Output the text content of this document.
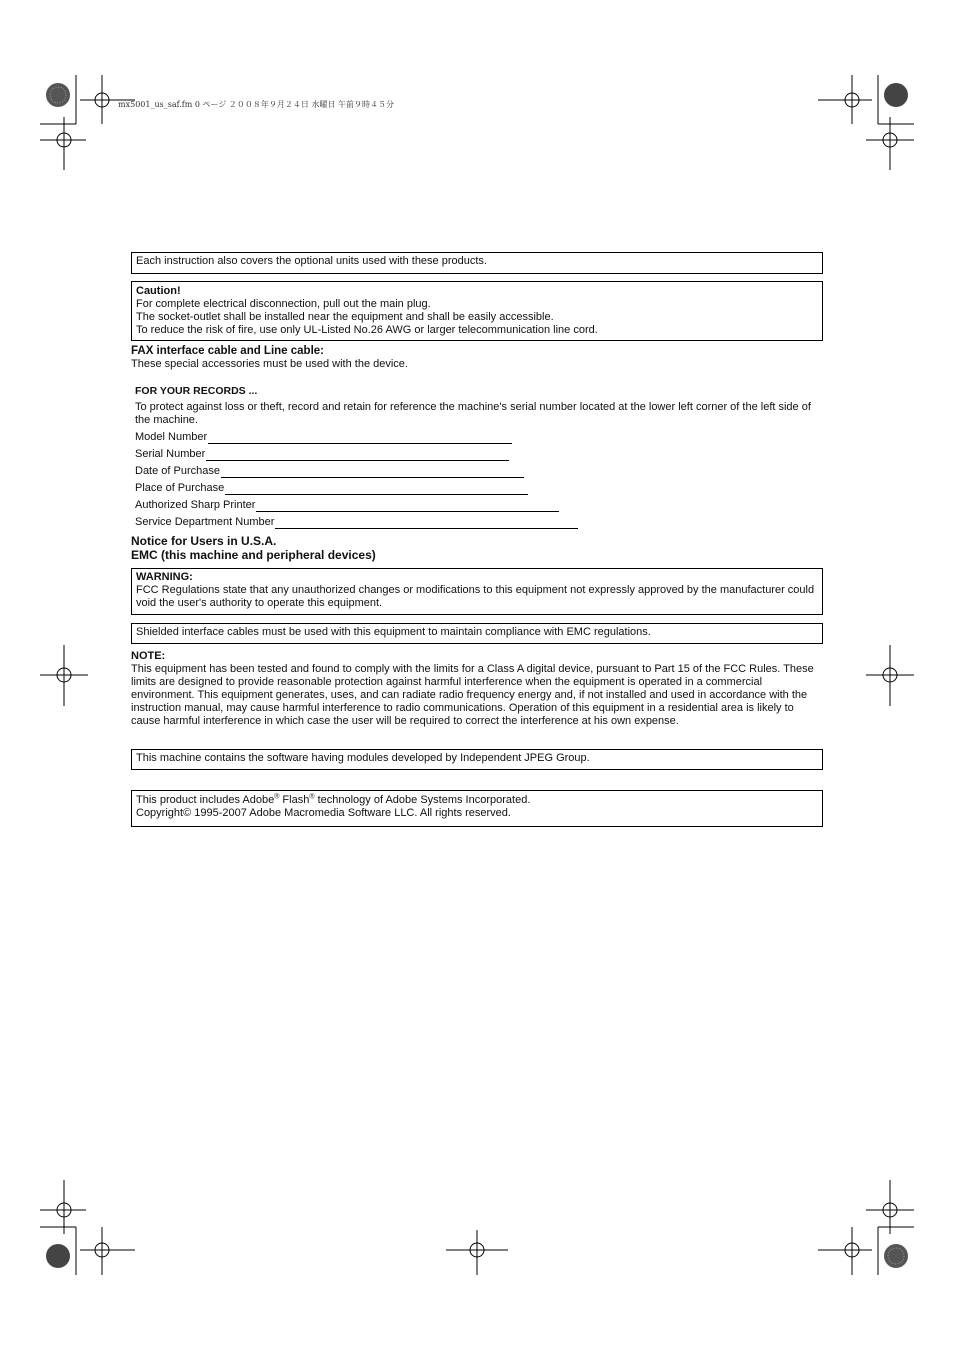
mx5001_us_saf.fm 0 ページ ２００８年９月２４日 水曜日 午前９時４５分
Each instruction also covers the optional units used with these products.
Caution!
For complete electrical disconnection, pull out the main plug.
The socket-outlet shall be installed near the equipment and shall be easily accessible.
To reduce the risk of fire, use only UL-Listed No.26 AWG or larger telecommunication line cord.
FAX interface cable and Line cable:
These special accessories must be used with the device.
FOR YOUR RECORDS ...
To protect against loss or theft, record and retain for reference the machine's serial number located at the lower left corner of the left side of the machine.
Model Number
Serial Number
Date of Purchase
Place of Purchase
Authorized Sharp Printer
Service Department Number
Notice for Users in U.S.A.
EMC (this machine and peripheral devices)
WARNING:
FCC Regulations state that any unauthorized changes or modifications to this equipment not expressly approved by the manufacturer could void the user's authority to operate this equipment.
Shielded interface cables must be used with this equipment to maintain compliance with EMC regulations.
NOTE:
This equipment has been tested and found to comply with the limits for a Class A digital device, pursuant to Part 15 of the FCC Rules. These limits are designed to provide reasonable protection against harmful interference when the equipment is operated in a commercial environment. This equipment generates, uses, and can radiate radio frequency energy and, if not installed and used in accordance with the instruction manual, may cause harmful interference to radio communications. Operation of this equipment in a residential area is likely to cause harmful interference in which case the user will be required to correct the interference at his own expense.
This machine contains the software having modules developed by Independent JPEG Group.
This product includes Adobe® Flash® technology of Adobe Systems Incorporated.
Copyright© 1995-2007 Adobe Macromedia Software LLC. All rights reserved.
